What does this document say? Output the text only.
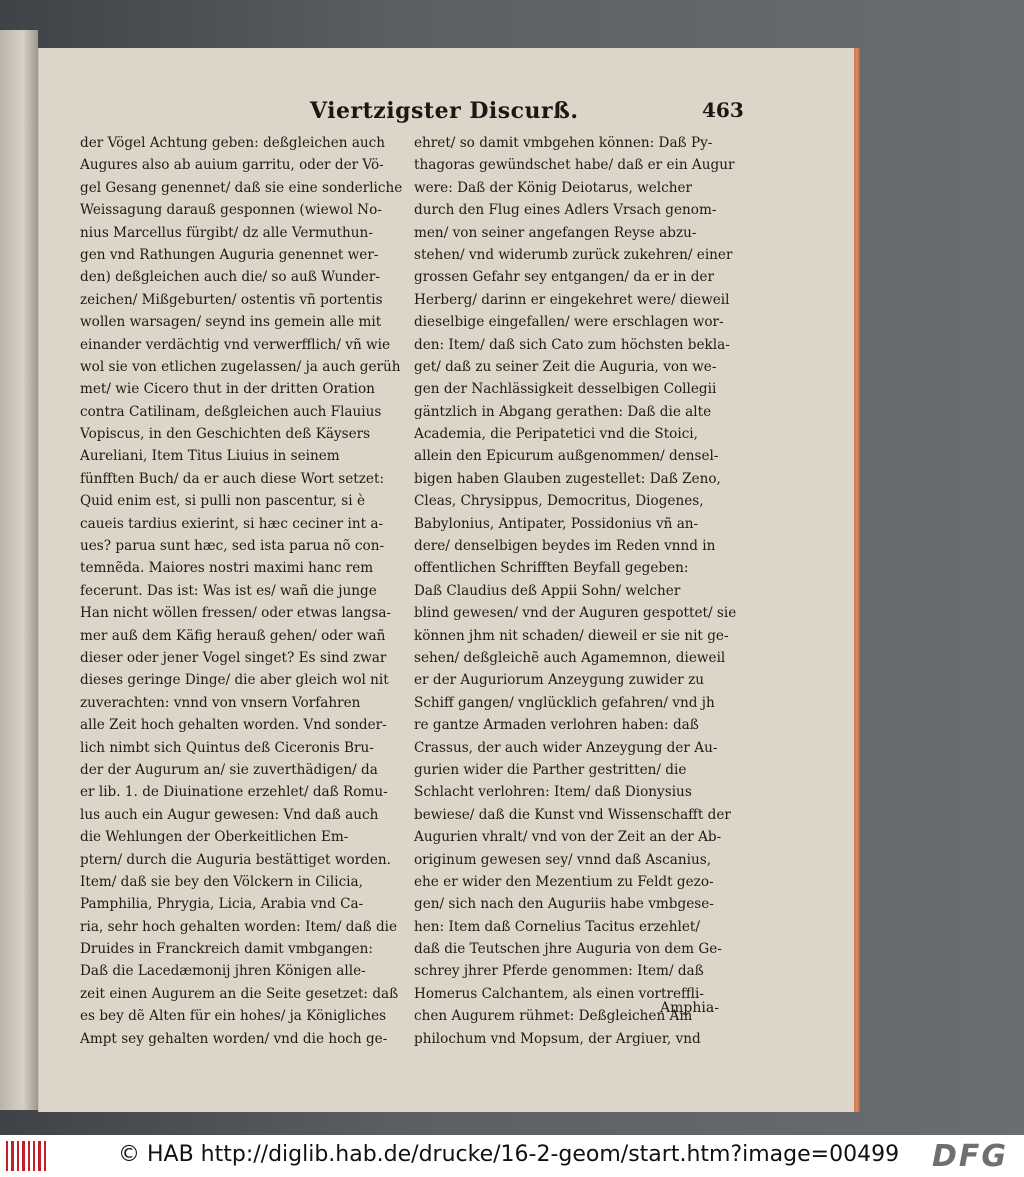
Viertzigster Discurß.	463
der Vögel Achtung geben: deßgleichen auch
Augures also ab auium garritu, oder der Vö-
gel Gesang genennet/ daß sie eine sonderliche
Weissagung darauß gesponnen (wiewol No-
nius Marcellus fürgibt/ dz alle Vermuthun-
gen vnd Rathungen Auguria genennet wer-
den) deßgleichen auch die/ so auß Wunder-
zeichen/ Mißgeburten/ ostentis vñ portentis
wollen warsagen/ seynd ins gemein alle mit
einander verdächtig vnd verwerfflich/ vñ wie
wol sie von etlichen zugelassen/ ja auch gerüh
met/ wie Cicero thut in der dritten Oration
contra Catilinam, deßgleichen auch Flauius
Vopiscus, in den Geschichten deß Käysers
Aureliani, Item Titus Liuius in seinem
fünfften Buch/ da er auch diese Wort setzet:
Quid enim est, si pulli non pascentur, si è
caueis tardius exierint, si hæc ceciner int a-
ues? parua sunt hæc, sed ista parua nõ con-
temnẽda. Maiores nostri maximi hanc rem
fecerunt. Das ist: Was ist es/ wañ die junge
Han nicht wöllen fressen/ oder etwas langsa-
mer auß dem Käfig herauß gehen/ oder wañ
dieser oder jener Vogel singet? Es sind zwar
dieses geringe Dinge/ die aber gleich wol nit
zuverachten: vnnd von vnsern Vorfahren
alle Zeit hoch gehalten worden. Vnd sonder-
lich nimbt sich Quintus deß Ciceronis Bru-
der der Augurum an/ sie zuverthädigen/ da
er lib. 1. de Diuinatione erzehlet/ daß Romu-
lus auch ein Augur gewesen: Vnd daß auch
die Wehlungen der Oberkeitlichen Em-
ptern/ durch die Auguria bestättiget worden.
Item/ daß sie bey den Völckern in Cilicia,
Pamphilia, Phrygia, Licia, Arabia vnd Ca-
ria, sehr hoch gehalten worden: Item/ daß die
Druides in Franckreich damit vmbgangen:
Daß die Lacedæmonij jhren Königen alle-
zeit einen Augurem an die Seite gesetzet: daß
es bey dẽ Alten für ein hohes/ ja Königliches
Ampt sey gehalten worden/ vnd die hoch ge-
ehret/ so damit vmbgehen können: Daß Py-
thagoras gewündschet habe/ daß er ein Augur
were: Daß der König Deiotarus, welcher
durch den Flug eines Adlers Vrsach genom-
men/ von seiner angefangen Reyse abzu-
stehen/ vnd widerumb zurück zukehren/ einer
grossen Gefahr sey entgangen/ da er in der
Herberg/ darinn er eingekehret were/ dieweil
dieselbige eingefallen/ were erschlagen wor-
den: Item/ daß sich Cato zum höchsten bekla-
get/ daß zu seiner Zeit die Auguria, von we-
gen der Nachlässigkeit desselbigen Collegii
gäntzlich in Abgang gerathen: Daß die alte
Academia, die Peripatetici vnd die Stoici,
allein den Epicurum außgenommen/ densel-
bigen haben Glauben zugestellet: Daß Zeno,
Cleas, Chrysippus, Democritus, Diogenes,
Babylonius, Antipater, Possidonius vñ an-
dere/ denselbigen beydes im Reden vnnd in
offentlichen Schrifften Beyfall gegeben:
Daß Claudius deß Appii Sohn/ welcher
blind gewesen/ vnd der Auguren gespottet/ sie
können jhm nit schaden/ dieweil er sie nit ge-
sehen/ deßgleichẽ auch Agamemnon, dieweil
er der Auguriorum Anzeygung zuwider zu
Schiff gangen/ vnglücklich gefahren/ vnd jh
re gantze Armaden verlohren haben: daß
Crassus, der auch wider Anzeygung der Au-
gurien wider die Parther gestritten/ die
Schlacht verlohren: Item/ daß Dionysius
bewiese/ daß die Kunst vnd Wissenschafft der
Augurien vhralt/ vnd von der Zeit an der Ab-
originum gewesen sey/ vnnd daß Ascanius,
ehe er wider den Mezentium zu Feldt gezo-
gen/ sich nach den Auguriis habe vmbgese-
hen: Item daß Cornelius Tacitus erzehlet/
daß die Teutschen jhre Auguria von dem Ge-
schrey jhrer Pferde genommen: Item/ daß
Homerus Calchantem, als einen vortreffli-
chen Augurem rühmet: Deßgleichen Am
philochum vnd Mopsum, der Argiuer, vnd
Amphia-
© HAB http://diglib.hab.de/drucke/16-2-geom/start.htm?image=00499 DFG
